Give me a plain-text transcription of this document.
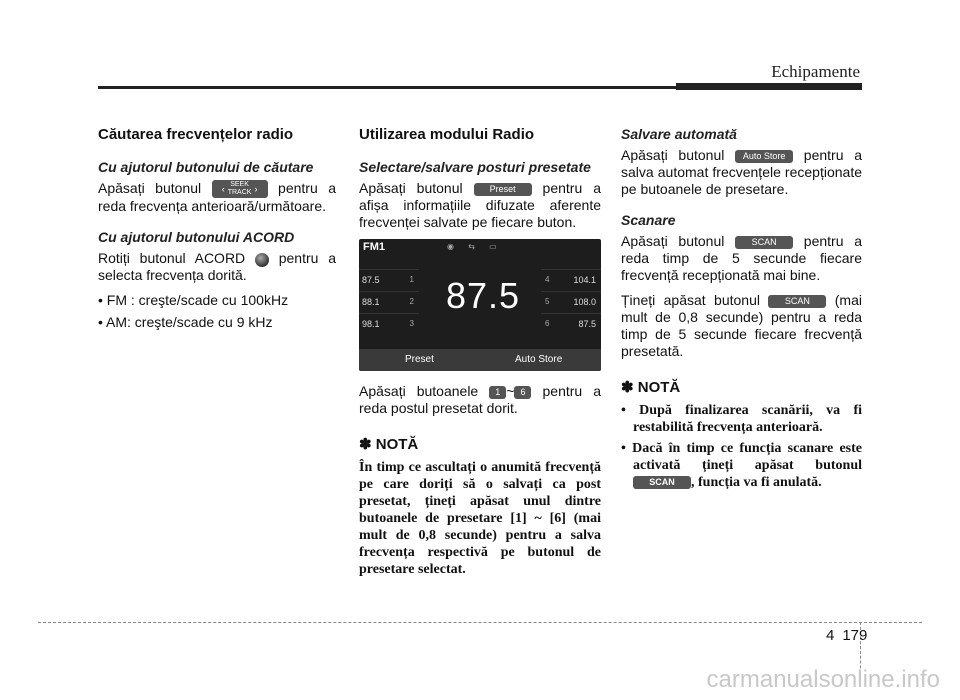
Echipamente
Căutarea frecvențelor radio
Cu ajutorul butonului de căutare

Apăsați butonul ‹ SEEK
TRACK › pentru a reda frecvența anterioară/următoare.

Cu ajutorul butonului ACORD

Rotiți butonul ACORD pentru a selecta frecvența dorită.

• FM : creşte/scade cu 100kHz
• AM: creşte/scade cu 9 kHz
Utilizarea modului Radio
Selectare/salvare posturi presetate

Apăsați butonul	Preset pentru a afișa informațiile difuzate aferente frecvenței salvate pe fiecare buton.

FM1	◉ ⇆ ▭
87.5	1
88.1	2
98.1	3
4	104.1
5	108.0
6	87.5
87.5
Preset	Auto Store

Apăsați butoanele 1 ~ 6 pentru a reda postul presetat dorit.

✽ NOTĂ

În timp ce ascultați o anumită frecvență pe care doriți să o salvați ca post presetat, țineți apăsat unul dintre butoanele de presetare [1] ~ [6] (mai mult de 0,8 secunde) pentru a salva frecvența respectivă pe butonul de presetare selectat.

Salvare automată

Apăsați butonul Auto Store pentru a salva automat frecvențele recepționate pe butoanele de presetare.

Scanare

Apăsați butonul	SCAN pentru a reda timp de 5 secunde fiecare frecvență recepționată mai bine.

Țineți apăsat butonul	SCAN (mai mult de 0,8 secunde) pentru a reda timp de 5 secunde fiecare frecvență presetată.

✽ NOTĂ

• După finalizarea scanării, va fi restabilită frecvența anterioară.

• Dacă în timp ce funcția scanare este activată țineți apăsat butonul SCAN , funcția va fi anulată.

4 179
carmanualsonline.info
